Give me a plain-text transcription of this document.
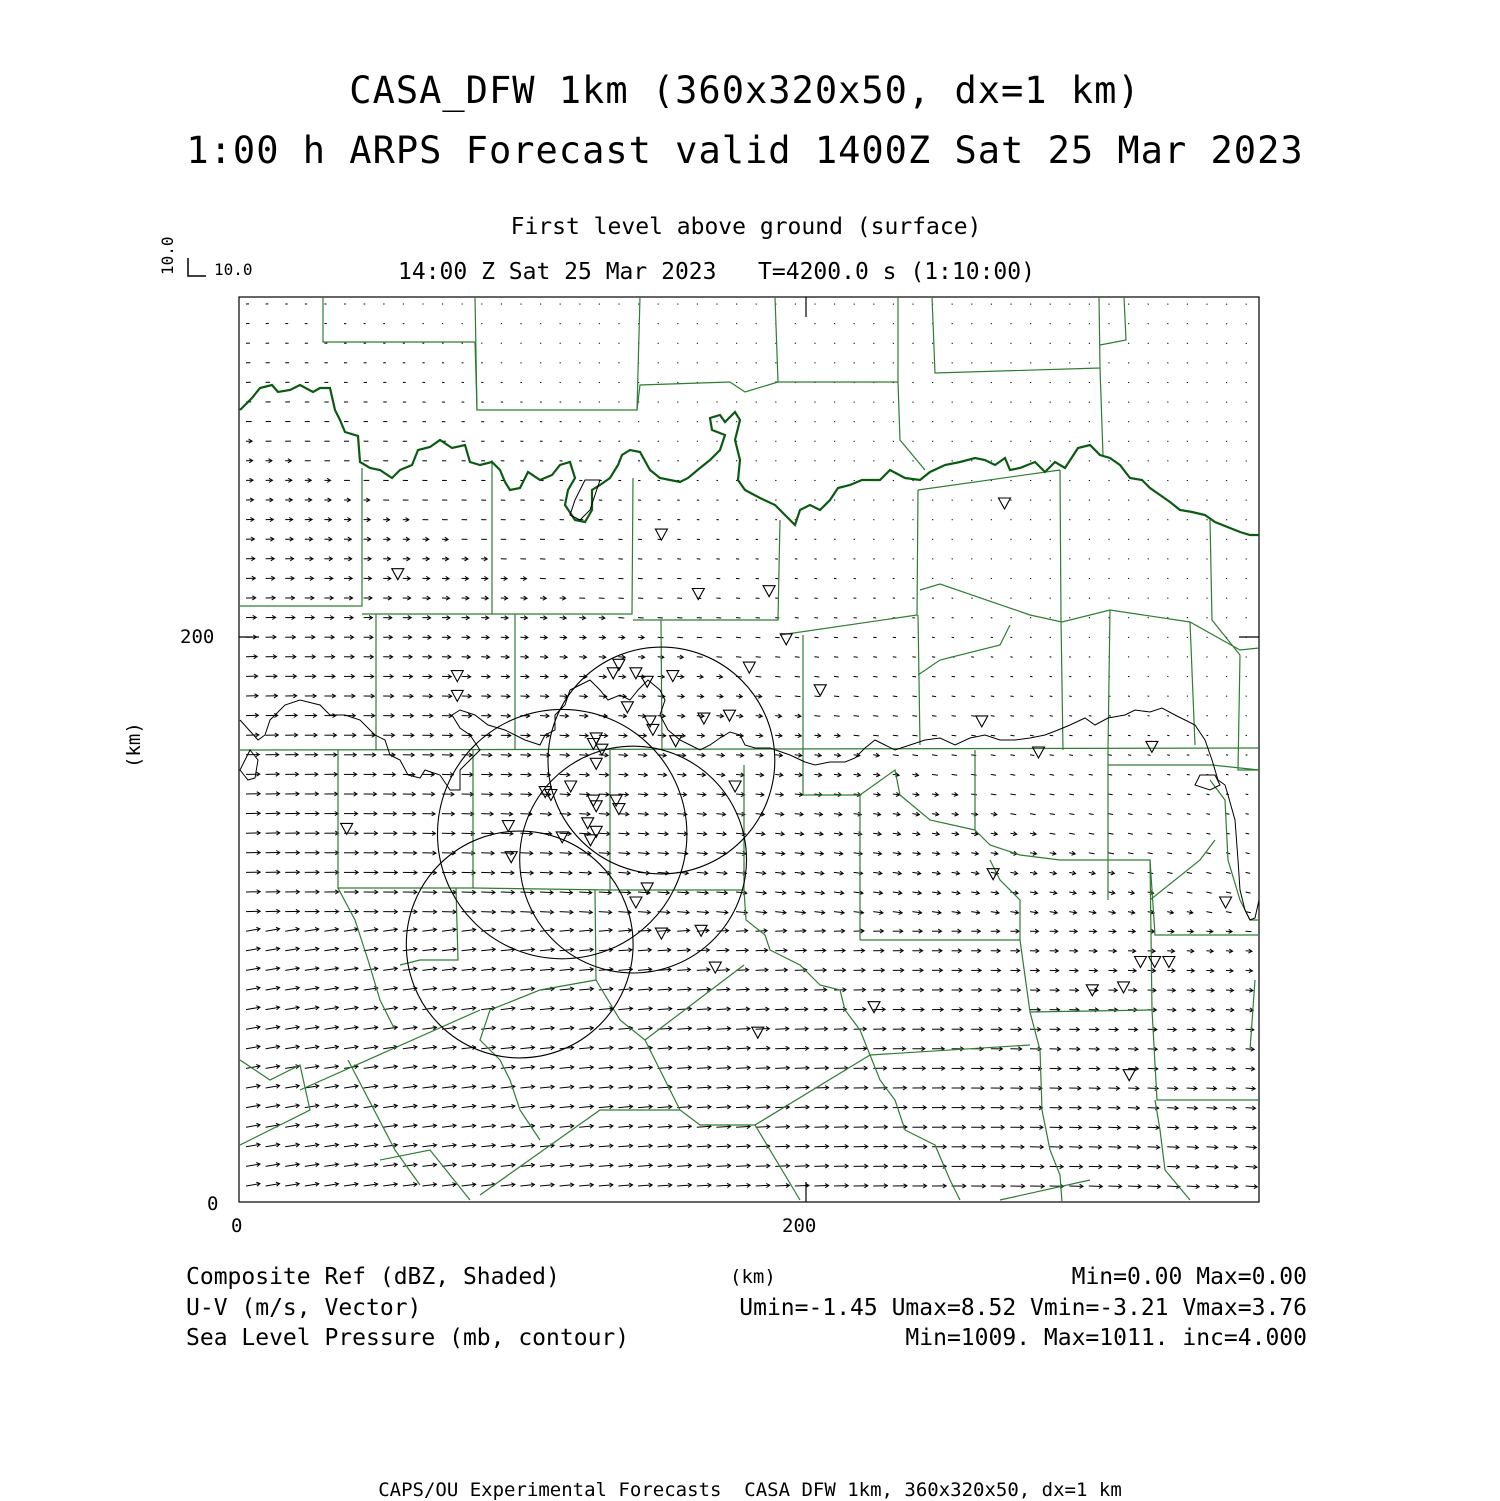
CASA_DFW 1km (360x320x50, dx=1 km)
1:00 h ARPS Forecast valid 1400Z Sat 25 Mar 2023
First level above ground (surface)
14:00 Z Sat 25 Mar 2023   T=4200.0 s (1:10:00)
10.0 10.0
0
200
0	200
(km)
(km)
Composite Ref (dBZ, Shaded)	Min=0.00 Max=0.00
U-V (m/s, Vector)	Umin=-1.45 Umax=8.52 Vmin=-3.21 Vmax=3.76
Sea Level Pressure (mb, contour)	Min=1009. Max=1011. inc=4.000
CAPS/OU Experimental Forecasts  CASA DFW 1km, 360x320x50, dx=1 km
